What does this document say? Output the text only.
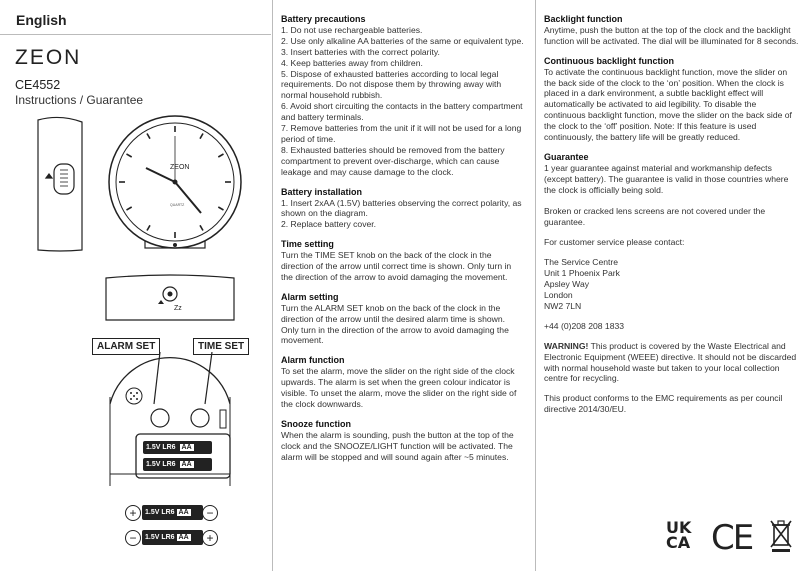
English
ZEON
CE4552
Instructions / Guarantee
ZEON
QUARTZ
Zz
ALARM SET	TIME SET
1.5V LR6 AA
1.5V LR6 AA
+	1.5V LR6 AA	−
−	1.5V LR6 AA	+
Battery precautions

1. Do not use rechargeable batteries.

2. Use only alkaline AA batteries of the same or equivalent type.

3. Insert batteries with the correct polarity.

4. Keep batteries away from children.

5. Dispose of exhausted batteries according to local legal requirements. Do not dispose them by throwing away with normal household rubbish.

6. Avoid short circuiting the contacts in the battery compartment and battery terminals.

7. Remove batteries from the unit if it will not be used for a long period of time.

8. Exhausted batteries should be removed from the battery compartment to prevent over-discharge, which can cause leakage and may cause damage to the clock.

Battery installation

1. Insert 2xAA (1.5V) batteries observing the correct polarity, as shown on the diagram.

2. Replace battery cover.

Time setting

Turn the TIME SET knob on the back of the clock in the direction of the arrow until correct time is shown. Only turn in the direction of the arrow to avoid damaging the movement.

Alarm setting

Turn the ALARM SET knob on the back of the clock in the direction of the arrow until the desired alarm time is shown. Only turn in the direction of the arrow to avoid damaging the movement.

Alarm function

To set the alarm, move the slider on the right side of the clock upwards. The alarm is set when the green colour indicator is visible. To unset the alarm, move the slider on the right side of the clock downwards.

Snooze function

When the alarm is sounding, push the button at the top of the clock and the SNOOZE/LIGHT function will be activated. The alarm will be stopped and will sound again after ~5 minutes.

Backlight function

Anytime, push the button at the top of the clock and the backlight function will be activated. The dial will be illuminated for 8 seconds.

Continuous backlight function

To activate the continuous backlight function, move the slider on the back side of the clock to the ‘on’ position. When the clock is placed in a dark environment, a subtle backlight effect will automatically be activated to aid legibility. To disable the continuous backlight function, move the slider on the back side of the clock to the ‘off’ position. Note: If this feature is used continuously, the battery life will be greatly reduced.

Guarantee

1 year guarantee against material and workmanship defects (except battery). The guarantee is valid in those countries where the clock is officially being sold.

Broken or cracked lens screens are not covered under the guarantee.

For customer service please contact:

The Service Centre

Unit 1 Phoenix Park

Apsley Way

London

NW2 7LN

+44 (0)208 208 1833
WARNING! This product is covered by the Waste Electrical and Electronic Equipment (WEEE) directive. It should not be discarded with normal household waste but taken to your local collection centre for recycling.
This product conforms to the EMC requirements as per council directive 2014/30/EU.
UK
CA CE
